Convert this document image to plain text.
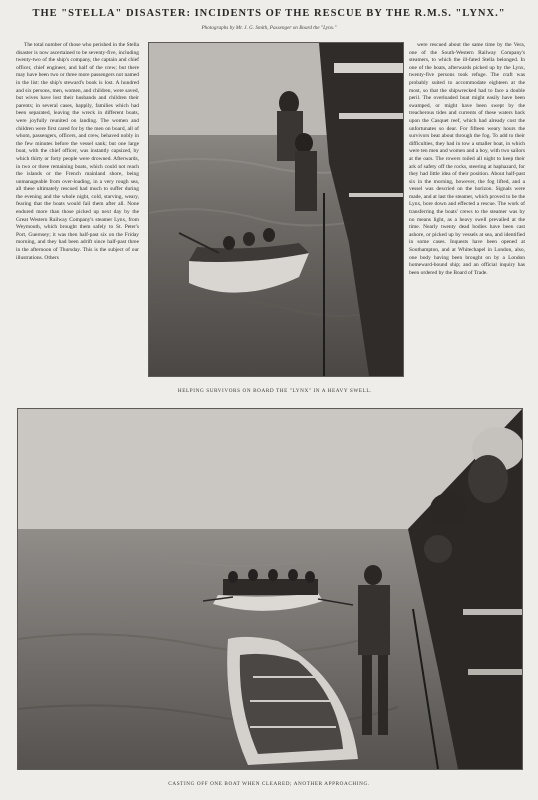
THE "STELLA" DISASTER: INCIDENTS OF THE RESCUE BY THE R.M.S. "LYNX."
Photographs by Mr. J. G. Smith, Passenger on Board the "Lynx."

The total number of those who perished in the Stella disaster is now ascertained to be seventy-five, including twenty-two of the ship's company, the captain and chief officer, chief engineer, and half of the crew; but there may have been two or three more passengers not named in the list: the ship's steward's book is lost. A hundred and six persons, men, women, and children, were saved, but wives have lost their husbands and children their parents; in several cases, happily, families which had been separated, leaving the wreck in different boats, were joyfully reunited on landing. The women and children were first cared for by the men on board, all of whom, passengers, officers, and crew, behaved nobly in the few minutes before the vessel sank; but one large boat, with the chief officer, was instantly capsized, by which thirty or forty people were drowned. Afterwards, in two or three remaining boats, which could not reach the islands or the French mainland shore, being unmanageable from over-loading, in a very rough sea, all these ultimately rescued had much to suffer during the evening and the whole night, cold, starving, weary, fearing that the boats would fail them after all. None endured more than those picked up next day by the Great Western Railway Company's steamer Lynx, from Weymouth, which brought them safely to St. Peter's Port, Guernsey; it was then half-past six on the Friday morning, and they had been adrift since half-past three in the afternoon of Thursday. This is the subject of our illustrations. Others

were rescued about the same time by the Vera, one of the South-Western Railway Company's steamers, to which the ill-fated Stella belonged. In one of the boats, afterwards picked up by the Lynx, twenty-five persons took refuge. The craft was probably suited to accommodate eighteen at the most, so that the shipwrecked had to face a double peril. The overloaded boat might easily have been swamped, or might have been swept by the treacherous tides and currents of these waters back upon the Casquet reef, which had already cost the unfortunates so dear. For fifteen weary hours the survivors beat about through the fog. To add to their difficulties, they had in tow a smaller boat, in which were ten men and women and a boy, with two sailors at the oars. The rowers toiled all night to keep their ark of safety off the rocks, steering at haphazard, for they had little idea of their position. About half-past six in the morning, however, the fog lifted, and a vessel was descried on the horizon. Signals were made, and at last the steamer, which proved to be the Lynx, bore down and effected a rescue. The work of transferring the boats' crews to the steamer was by no means light, as a heavy swell prevailed at the time. Nearly twenty dead bodies have been cast ashore, or picked up by vessels at sea, and identified in some cases. Inquests have been opened at Southampton, and at Whitechapel in London, also, one body having been brought on by a London homeward-bound ship; and an official inquiry has been ordered by the Board of Trade.

HELPING SURVIVORS ON BOARD THE "LYNX" IN A HEAVY SWELL.
CASTING OFF ONE BOAT WHEN CLEARED; ANOTHER APPROACHING.
